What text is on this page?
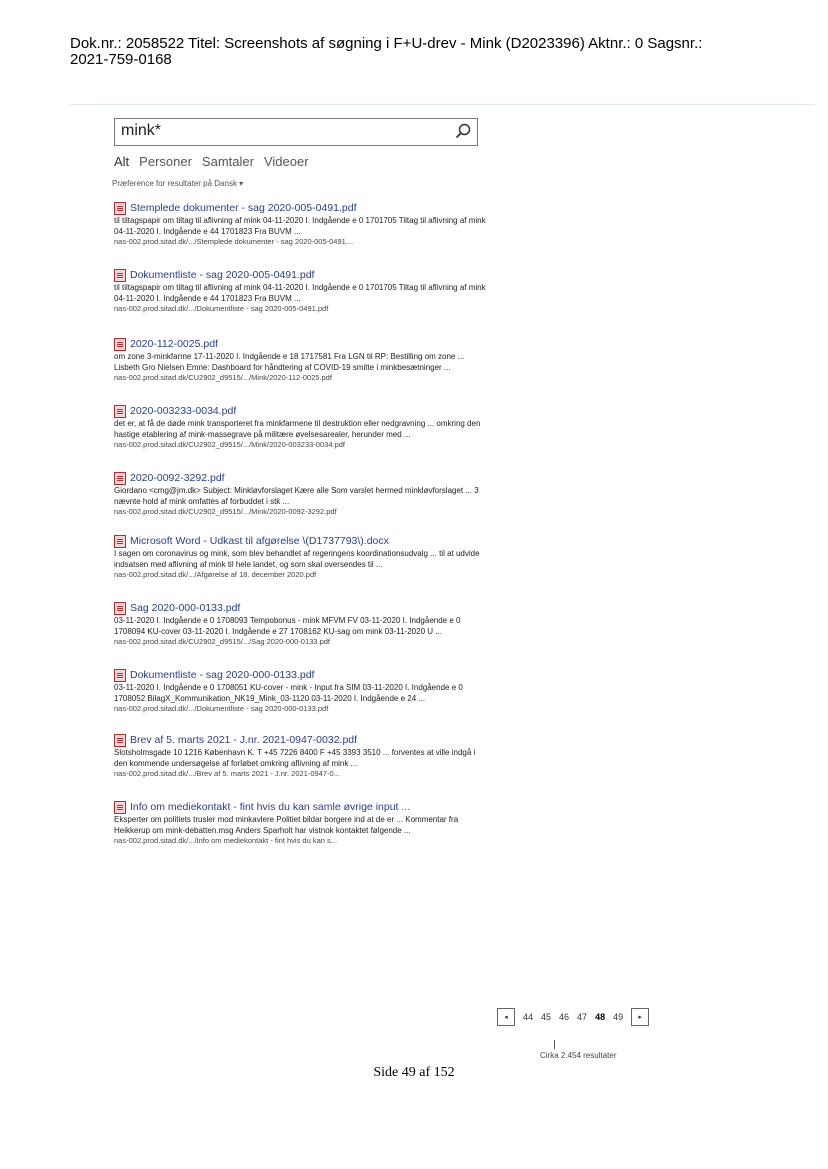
Dok.nr.: 2058522 Titel: Screenshots af søgning i F+U-drev - Mink (D2023396) Aktnr.: 0 Sagsnr.:
2021-759-0168
mink*
Alt Personer Samtaler Videoer
Præference for resultater på Dansk ▾
Stemplede dokumenter - sag 2020-005-0491.pdf
til tiltagspapir om tiltag til aflivning af mink 04-11-2020 I. Indgående e 0 1701705 Tiltag til aflivning af mink 04-11-2020 I. Indgående e 44 1701823 Fra BUVM ...
nas-002.prod.sitad.dk/.../Stemplede dokumenter - sag 2020-005-0491....
Dokumentliste - sag 2020-005-0491.pdf
til tiltagspapir om tiltag til aflivning af mink 04-11-2020 I. Indgående e 0 1701705 Tiltag til aflivning af mink 04-11-2020 I. Indgående e 44 1701823 Fra BUVM ...
nas-002.prod.sitad.dk/.../Dokumentliste - sag 2020-005-0491.pdf
2020-112-0025.pdf
om zone 3-minkfarme 17-11-2020 I. Indgående e 18 1717581 Fra LGN til RP: Bestilling om zone ... Lisbeth Gro Nielsen Emne: Dashboard for håndtering af COVID-19 smitte i minkbesætninger ...
nas-002.prod.sitad.dk/CU2902_d9515/.../Mink/2020-112-0025.pdf
2020-003233-0034.pdf
det er, at få de døde mink transporteret fra minkfarmene til destruktion eller nedgravning ... omkring den hastige etablering af mink-massegrave på militære øvelsesarealer, herunder med ...
nas-002.prod.sitad.dk/CU2902_d9515/.../Mink/2020-003233-0034.pdf
2020-0092-3292.pdf
Giordano <cmg@jm.dk> Subject: Minkløvforslaget Kære alle Som varslet hermed minkløvforslaget ... 3 nævnte hold af mink omfattes af forbuddet i stk ...
nas-002.prod.sitad.dk/CU2902_d9515/.../Mink/2020-0092-3292.pdf
Microsoft Word - Udkast til afgørelse \(D1737793\).docx
I sagen om coronavirus og mink, som blev behandlet af regeringens koordinationsudvalg ... til at udvide indsatsen med aflivning af mink til hele landet, og som skal oversendes til ...
nas-002.prod.sitad.dk/.../Afgørelse af 18. december 2020.pdf
Sag 2020-000-0133.pdf
03-11-2020 I. Indgående e 0 1708093 Tempobonus - mink MFVM FV 03-11-2020 I. Indgående e 0 1708094 KU-cover 03-11-2020 I. Indgående e 27 1708162 KU-sag om mink 03-11-2020 U ...
nas-002.prod.sitad.dk/CU2902_d9515/.../Sag 2020-000-0133.pdf
Dokumentliste - sag 2020-000-0133.pdf
03-11-2020 I. Indgående e 0 1708051 KU-cover - mink - Input fra SIM 03-11-2020 I. Indgående e 0 1708052 BilagX_Kommunikation_NK19_Mink_03-1120 03-11-2020 I. Indgående e 24 ...
nas-002.prod.sitad.dk/.../Dokumentliste - sag 2020-000-0133.pdf
Brev af 5. marts 2021 - J.nr. 2021-0947-0032.pdf
Slotsholmsgade 10 1216 København K. T +45 7226 8400 F +45 3393 3510 ... forventes at ville indgå i den kommende undersøgelse af forløbet omkring aflivning af mink ...
nas-002.prod.sitad.dk/.../Brev af 5. marts 2021 - J.nr. 2021-0947-0...
Info om mediekontakt - fint hvis du kan samle øvrige input ...
Eksperter om politiets trusler mod minkavlere Politiet bildar borgere ind at de er ... Kommentar fra Heikkerup om mink-debatten.msg Anders Sparholt har vistnok kontaktet følgende ...
nas-002.prod.sitad.dk/.../Info om mediekontakt - fint hvis du kan s...
◂	44 45 46 47 48 49	▸
Cirka 2.454 resultater
Side 49 af 152
